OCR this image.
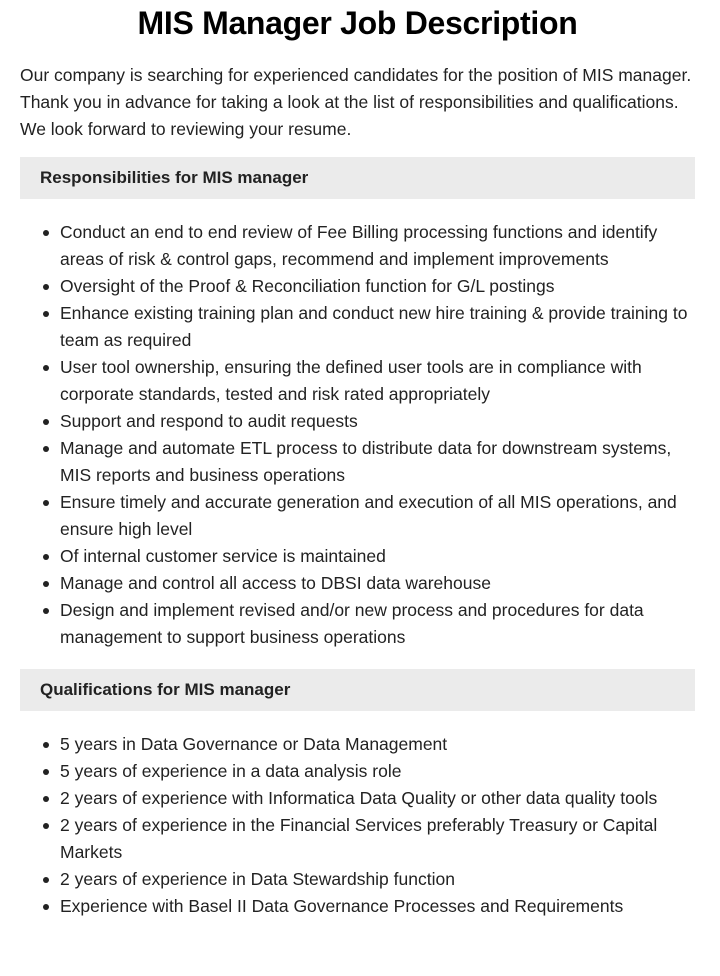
MIS Manager Job Description

Our company is searching for experienced candidates for the position of MIS manager. Thank you in advance for taking a look at the list of responsibilities and qualifications. We look forward to reviewing your resume.

Responsibilities for MIS manager
Conduct an end to end review of Fee Billing processing functions and identify areas of risk & control gaps, recommend and implement improvements
Oversight of the Proof & Reconciliation function for G/L postings
Enhance existing training plan and conduct new hire training & provide training to team as required
User tool ownership, ensuring the defined user tools are in compliance with corporate standards, tested and risk rated appropriately
Support and respond to audit requests
Manage and automate ETL process to distribute data for downstream systems, MIS reports and business operations
Ensure timely and accurate generation and execution of all MIS operations, and ensure high level
Of internal customer service is maintained
Manage and control all access to DBSI data warehouse
Design and implement revised and/or new process and procedures for data management to support business operations
Qualifications for MIS manager
5 years in Data Governance or Data Management
5 years of experience in a data analysis role
2 years of experience with Informatica Data Quality or other data quality tools
2 years of experience in the Financial Services preferably Treasury or Capital Markets
2 years of experience in Data Stewardship function
Experience with Basel II Data Governance Processes and Requirements
